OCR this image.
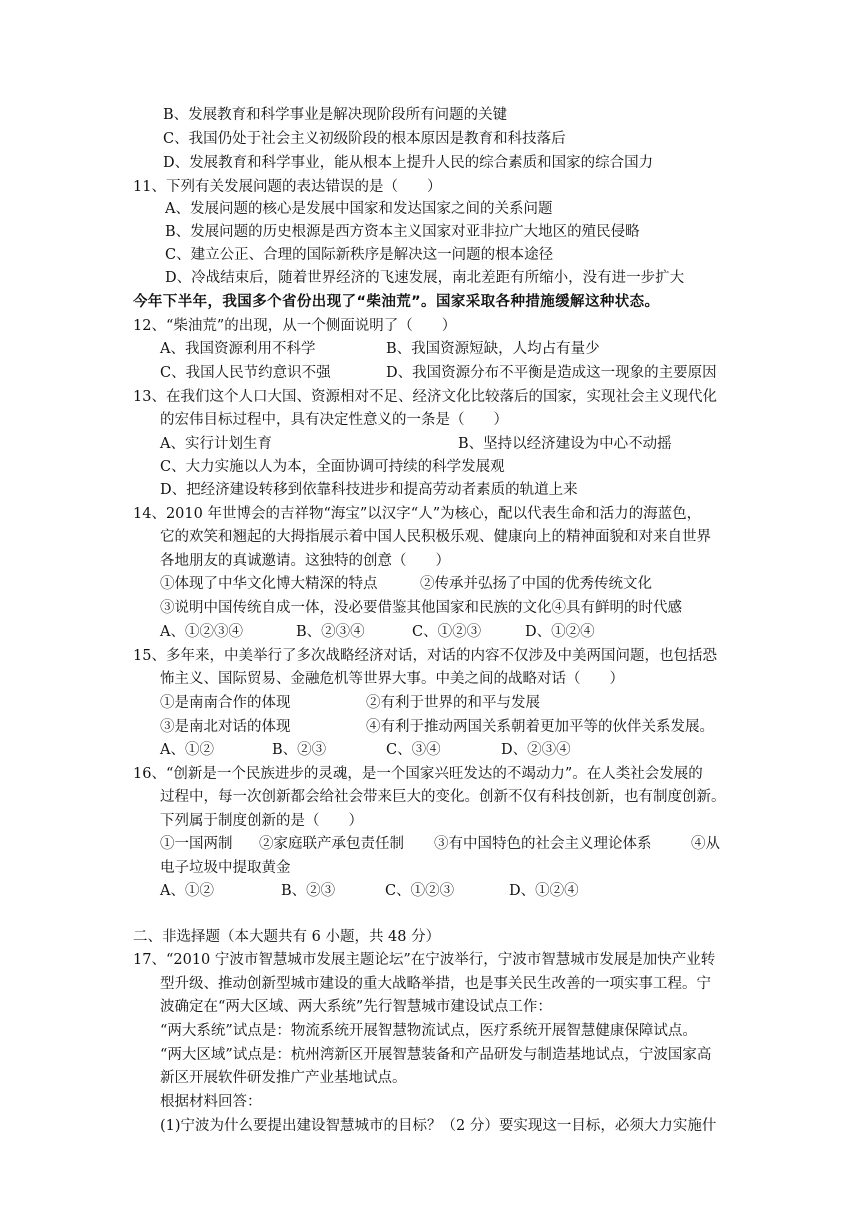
B、发展教育和科学事业是解决现阶段所有问题的关键
C、我国仍处于社会主义初级阶段的根本原因是教育和科技落后
D、发展教育和科学事业，能从根本上提升人民的综合素质和国家的综合国力
11、下列有关发展问题的表达错误的是（　　）
A、发展问题的核心是发展中国家和发达国家之间的关系问题
B、发展问题的历史根源是西方资本主义国家对亚非拉广大地区的殖民侵略
C、建立公正、合理的国际新秩序是解决这一问题的根本途径
D、冷战结束后，随着世界经济的飞速发展，南北差距有所缩小，没有进一步扩大
今年下半年，我国多个省份出现了“柴油荒”。国家采取各种措施缓解这种状态。
12、“柴油荒”的出现，从一个侧面说明了（　　）
A、我国资源利用不科学	B、我国资源短缺，人均占有量少
C、我国人民节约意识不强	D、我国资源分布不平衡是造成这一现象的主要原因
13、在我们这个人口大国、资源相对不足、经济文化比较落后的国家，实现社会主义现代化
的宏伟目标过程中，具有决定性意义的一条是（　　）
A、实行计划生育	B、坚持以经济建设为中心不动摇
C、大力实施以人为本，全面协调可持续的科学发展观
D、把经济建设转移到依靠科技进步和提高劳动者素质的轨道上来
14、2010 年世博会的吉祥物“海宝”以汉字“人”为核心，配以代表生命和活力的海蓝色，
它的欢笑和翘起的大拇指展示着中国人民积极乐观、健康向上的精神面貌和对来自世界
各地朋友的真诚邀请。这独特的创意（　　）
①体现了中华文化博大精深的特点	②传承并弘扬了中国的优秀传统文化
③说明中国传统自成一体，没必要借鉴其他国家和民族的文化④具有鲜明的时代感
A、①②③④	B、②③④	C、①②③	D、①②④
15、多年来，中美举行了多次战略经济对话，对话的内容不仅涉及中美两国问题，也包括恐
怖主义、国际贸易、金融危机等世界大事。中美之间的战略对话（　　）
①是南南合作的体现	②有利于世界的和平与发展
③是南北对话的体现	④有利于推动两国关系朝着更加平等的伙伴关系发展。
A、①②	B、②③	C、③④	D、②③④
16、“创新是一个民族进步的灵魂，是一个国家兴旺发达的不竭动力”。在人类社会发展的
过程中，每一次创新都会给社会带来巨大的变化。创新不仅有科技创新，也有制度创新。
下列属于制度创新的是（　　）
①一国两制 ②家庭联产承包责任制 ③有中国特色的社会主义理论体系	④从
电子垃圾中提取黄金
A、①②	B、②③	C、①②③	D、①②④
二、非选择题（本大题共有 6 小题，共 48 分）
17、“2010 宁波市智慧城市发展主题论坛”在宁波举行，宁波市智慧城市发展是加快产业转
型升级、推动创新型城市建设的重大战略举措，也是事关民生改善的一项实事工程。宁
波确定在“两大区域、两大系统”先行智慧城市建设试点工作：
“两大系统”试点是：物流系统开展智慧物流试点，医疗系统开展智慧健康保障试点。
“两大区域”试点是：杭州湾新区开展智慧装备和产品研发与制造基地试点，宁波国家高
新区开展软件研发推广产业基地试点。
根据材料回答：
(1)宁波为什么要提出建设智慧城市的目标？（2 分）要实现这一目标，必须大力实施什
